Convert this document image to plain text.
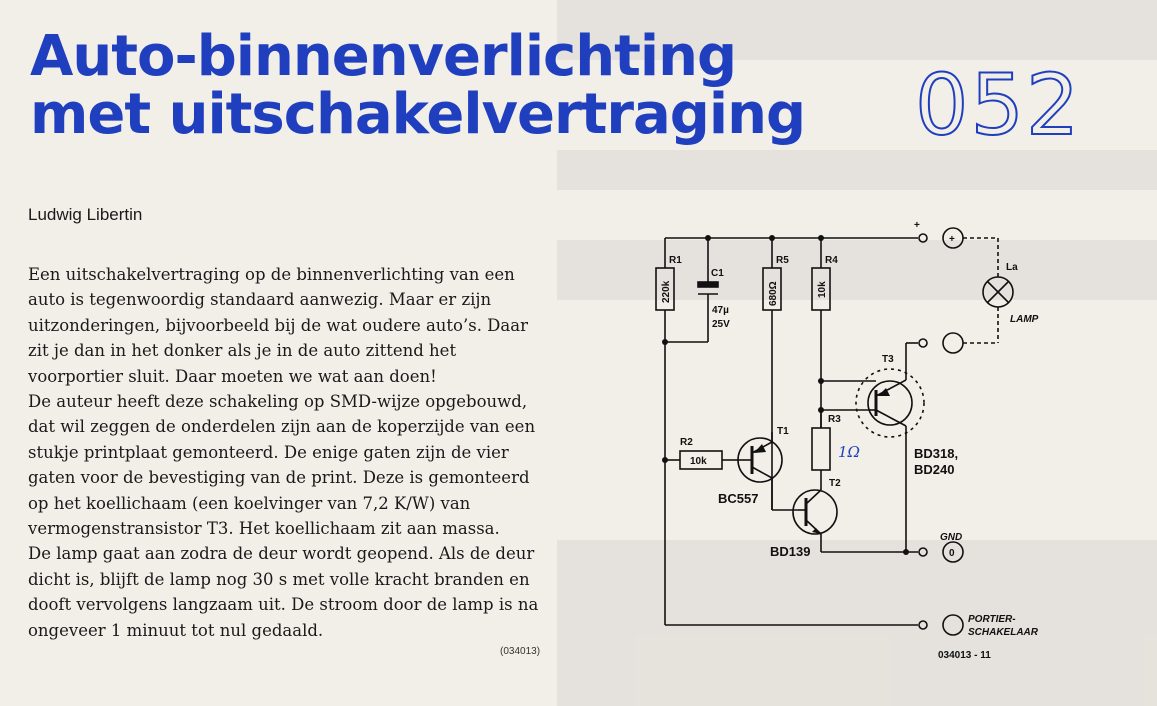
Auto-binnenverlichting
met uitschakelvertraging 052
Ludwig Libertin

Een uitschakelvertraging op de binnenverlichting van een auto is tegenwoordig standaard aanwezig. Maar er zijn uitzonderingen, bijvoorbeeld bij de wat oudere auto’s. Daar zit je dan in het donker als je in de auto zittend het voorportier sluit. Daar moeten we wat aan doen!

De auteur heeft deze schakeling op SMD-wijze opgebouwd, dat wil zeggen de onderdelen zijn aan de koperzijde van een stukje printplaat gemonteerd. De enige gaten zijn de vier gaten voor de bevestiging van de print. Deze is gemonteerd op het koellichaam (een koelvinger van 7,2 K/W) van vermogenstransistor T3. Het koellichaam zit aan massa.

De lamp gaat aan zodra de deur wordt geopend. Als de deur dicht is, blijft de lamp nog 30 s met volle kracht branden en dooft vervolgens langzaam uit. De stroom door de lamp is na ongeveer 1 minuut tot nul gedaald.

(034013)
+
+
R1
220k
C1
47µ
25V
R5
680Ω
R4
10k
R2
10k
R3
1Ω
T1
BC557
T2
BD139
T3
BD318,
BD240
La
LAMP
GND
0
PORTIER-
SCHAKELAAR
034013 - 11
